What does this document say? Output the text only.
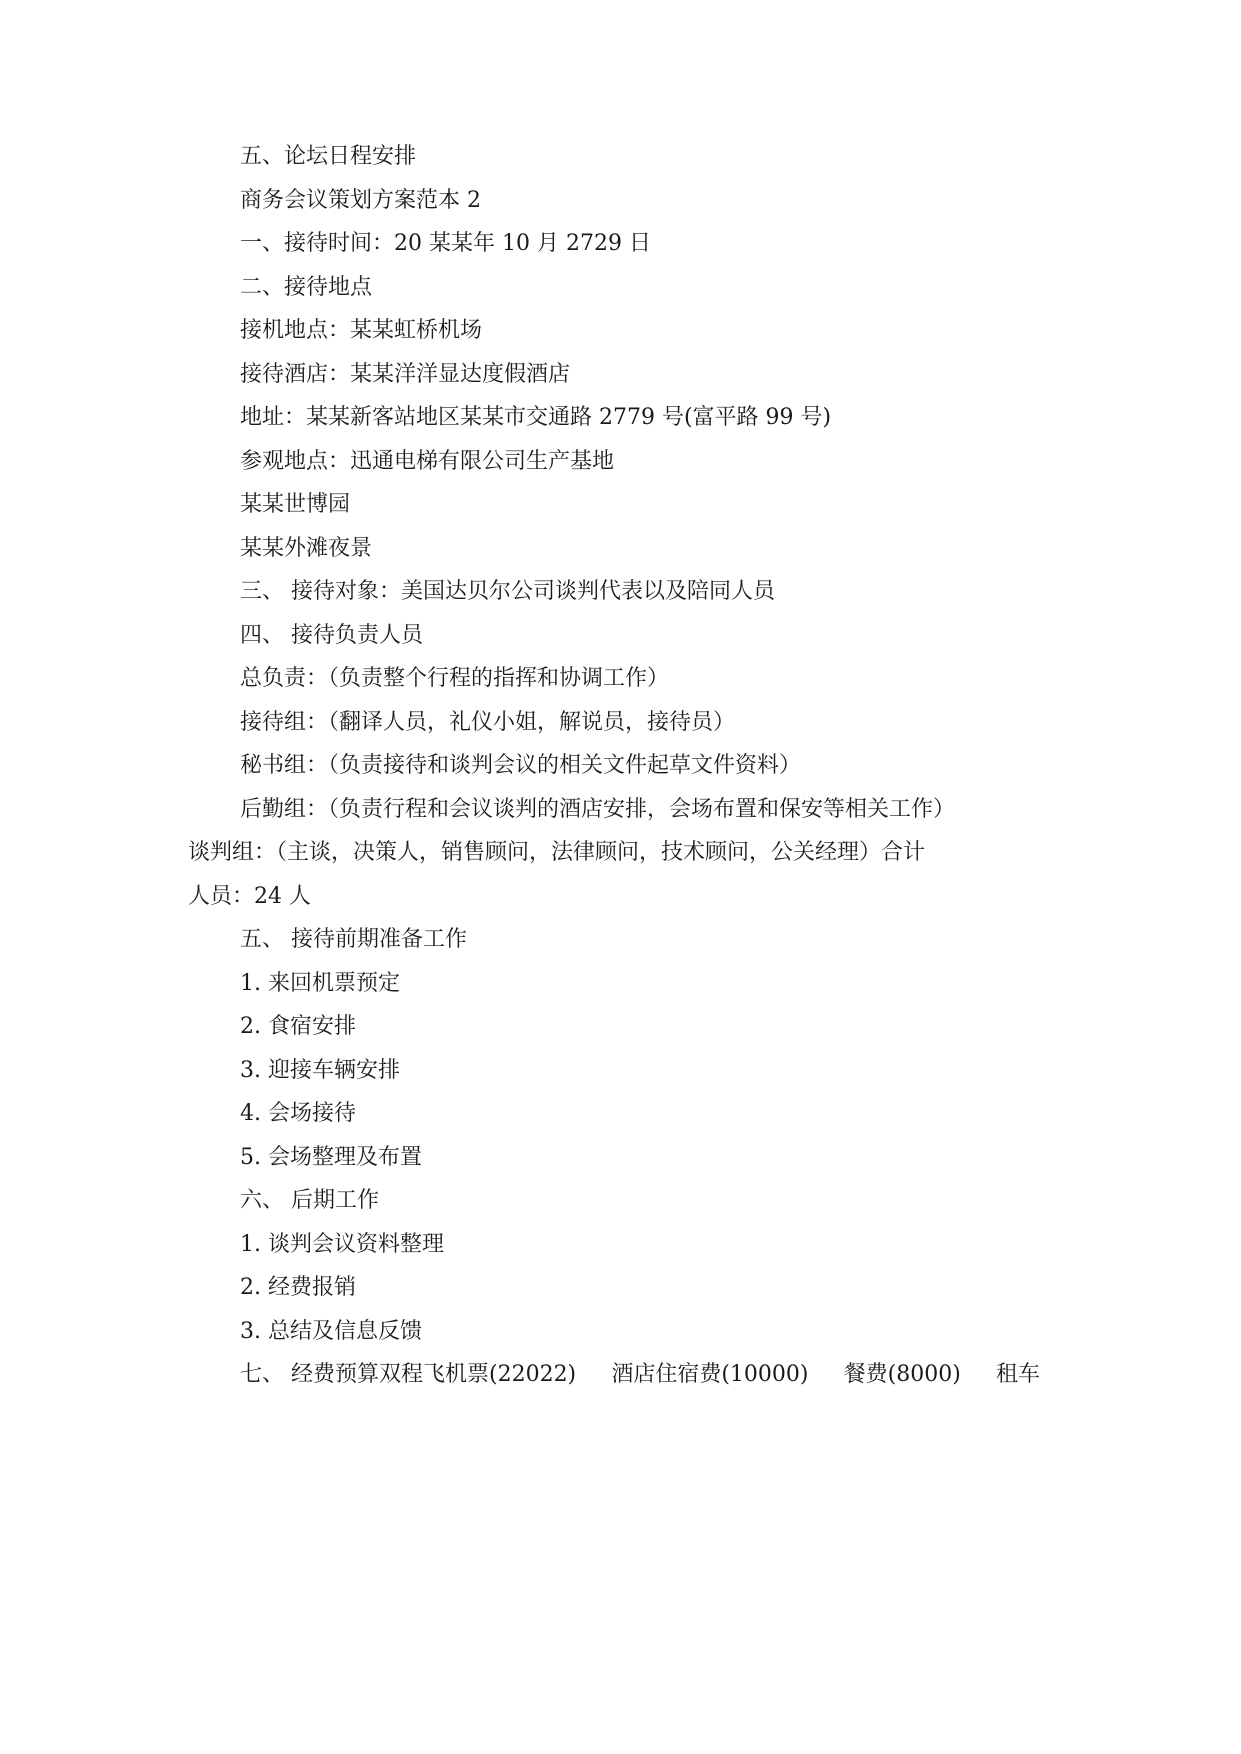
五、论坛日程安排
商务会议策划方案范本 2
一、接待时间：20 某某年 10 月 2729 日
二、接待地点
接机地点：某某虹桥机场
接待酒店：某某洋洋显达度假酒店
地址：某某新客站地区某某市交通路 2779 号(富平路 99 号)
参观地点：迅通电梯有限公司生产基地
某某世博园
某某外滩夜景
三、 接待对象：美国达贝尔公司谈判代表以及陪同人员
四、 接待负责人员
总负责：（负责整个行程的指挥和协调工作）
接待组：（翻译人员，礼仪小姐，解说员，接待员）
秘书组：（负责接待和谈判会议的相关文件起草文件资料）
后勤组：（负责行程和会议谈判的酒店安排，会场布置和保安等相关工作）
谈判组：（主谈，决策人，销售顾问，法律顾问，技术顾问，公关经理）合计
人员：24 人
五、 接待前期准备工作
1. 来回机票预定
2. 食宿安排
3. 迎接车辆安排
4. 会场接待
5. 会场整理及布置
六、 后期工作
1. 谈判会议资料整理
2. 经费报销
3. 总结及信息反馈
七、 经费预算双程飞机票(22022) 酒店住宿费(10000) 餐费(8000) 租车
